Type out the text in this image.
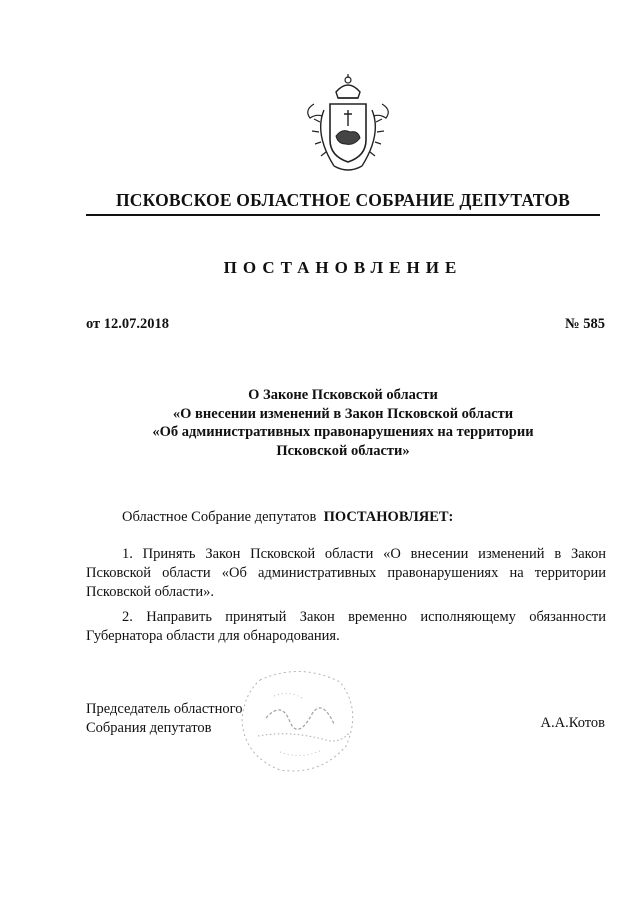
ПСКОВСКОЕ ОБЛАСТНОЕ СОБРАНИЕ ДЕПУТАТОВ
ПОСТАНОВЛЕНИЕ
от 12.07.2018	№ 585
О Законе Псковской области
«О внесении изменений в Закон Псковской области
«Об административных правонарушениях на территории
Псковской области»
Областное Собрание депутатов ПОСТАНОВЛЯЕТ:
1. Принять Закон Псковской области «О внесении изменений в Закон Псковской области «Об административных правонарушениях на территории Псковской области».
2. Направить принятый Закон временно исполняющему обязанности Губернатора области для обнародования.
Председатель областного
Собрания депутатов	А.А.Котов
